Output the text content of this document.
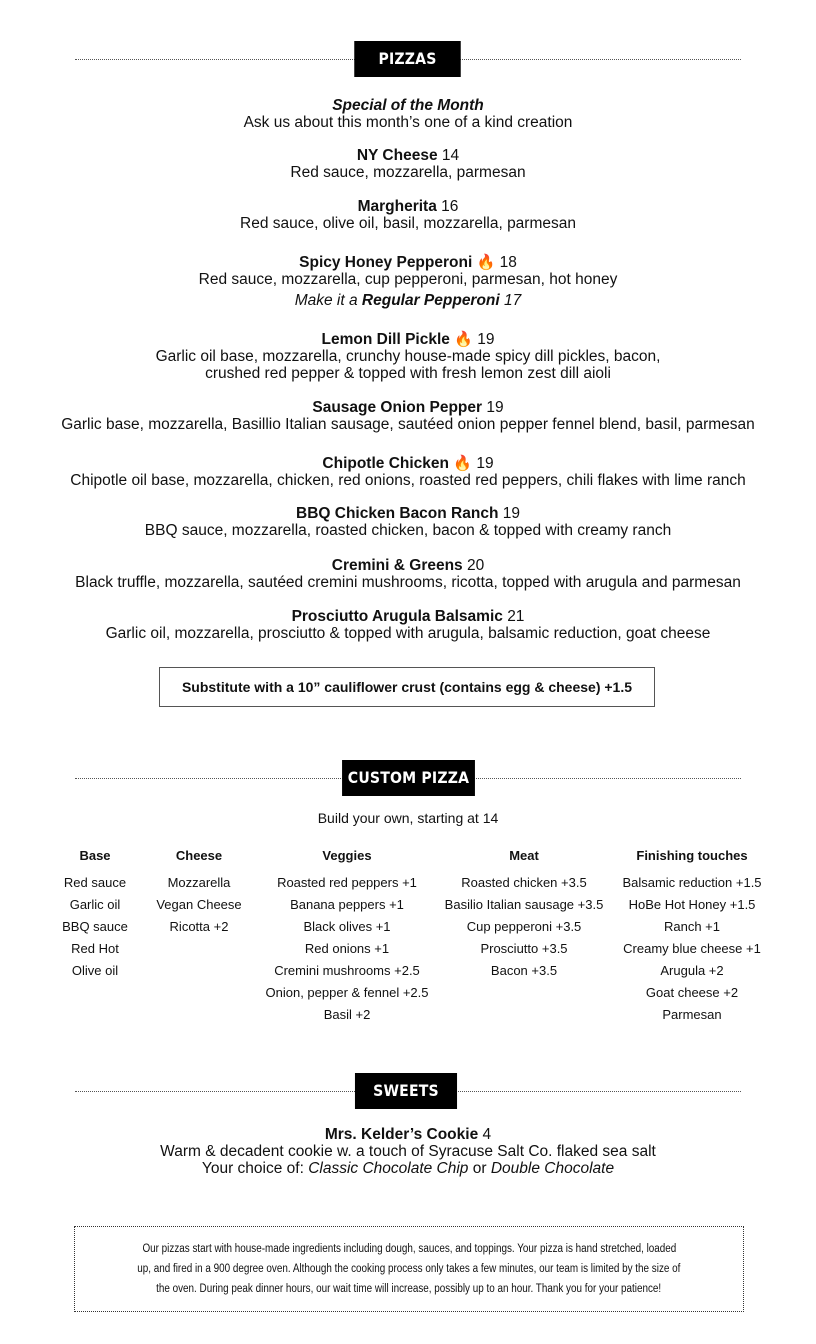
PIZZAS
Special of the Month
Ask us about this month’s one of a kind creation
NY Cheese 14
Red sauce, mozzarella, parmesan
Margherita 16
Red sauce, olive oil, basil, mozzarella, parmesan
Spicy Honey Pepperoni 🔥 18
Red sauce, mozzarella, cup pepperoni, parmesan, hot honey
Make it a Regular Pepperoni 17
Lemon Dill Pickle 🔥 19
Garlic oil base, mozzarella, crunchy house-made spicy dill pickles, bacon,
crushed red pepper & topped with fresh lemon zest dill aioli
Sausage Onion Pepper 19
Garlic base, mozzarella, Basillio Italian sausage, sautéed onion pepper fennel blend, basil, parmesan
Chipotle Chicken 🔥 19
Chipotle oil base, mozzarella, chicken, red onions, roasted red peppers, chili flakes with lime ranch
BBQ Chicken Bacon Ranch 19
BBQ sauce, mozzarella, roasted chicken, bacon & topped with creamy ranch
Cremini & Greens 20
Black truffle, mozzarella, sautéed cremini mushrooms, ricotta, topped with arugula and parmesan
Prosciutto Arugula Balsamic 21
Garlic oil, mozzarella, prosciutto & topped with arugula, balsamic reduction, goat cheese
Substitute with a 10” cauliflower crust (contains egg & cheese) +1.5
CUSTOM PIZZA
Build your own, starting at 14
Base
Red sauce
Garlic oil
BBQ sauce
Red Hot
Olive oil
Cheese
Mozzarella
Vegan Cheese
Ricotta +2
Veggies
Roasted red peppers +1
Banana peppers +1
Black olives +1
Red onions +1
Cremini mushrooms +2.5
Onion, pepper & fennel +2.5
Basil +2
Meat
Roasted chicken +3.5
Basilio Italian sausage +3.5
Cup pepperoni +3.5
Prosciutto +3.5
Bacon +3.5
Finishing touches
Balsamic reduction +1.5
HoBe Hot Honey +1.5
Ranch +1
Creamy blue cheese +1
Arugula +2
Goat cheese +2
Parmesan
SWEETS
Mrs. Kelder’s Cookie 4
Warm & decadent cookie w. a touch of Syracuse Salt Co. flaked sea salt
Your choice of: Classic Chocolate Chip or Double Chocolate
Our pizzas start with house-made ingredients including dough, sauces, and toppings. Your pizza is hand stretched, loaded
up, and fired in a 900 degree oven. Although the cooking process only takes a few minutes, our team is limited by the size of
the oven. During peak dinner hours, our wait time will increase, possibly up to an hour. Thank you for your patience!
